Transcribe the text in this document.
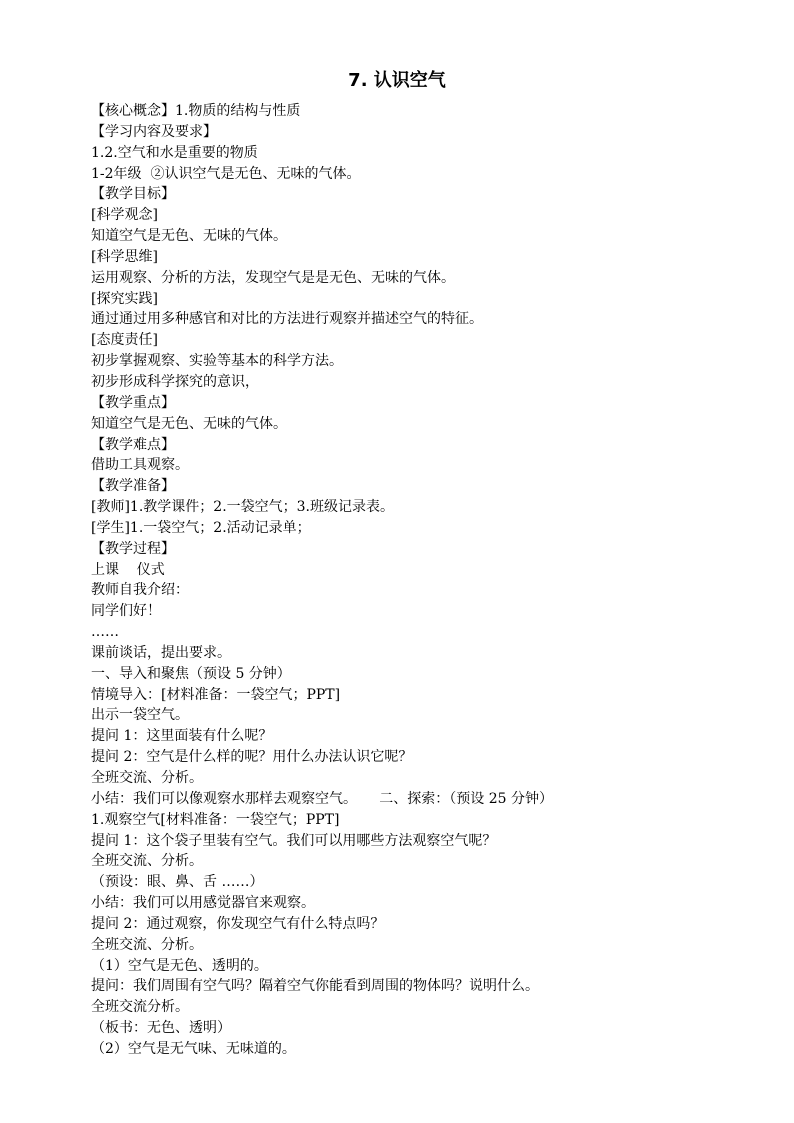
7. 认识空气
【核心概念】1.物质的结构与性质
【学习内容及要求】
1.2.空气和水是重要的物质
1-2年级  ②认识空气是无色、无味的气体。
【教学目标】
[科学观念]
知道空气是无色、无味的气体。
[科学思维]
运用观察、分析的方法，发现空气是是无色、无味的气体。
[探究实践]
通过通过用多种感官和对比的方法进行观察并描述空气的特征。
[态度责任]
初步掌握观察、实验等基本的科学方法。
初步形成科学探究的意识，
【教学重点】
知道空气是无色、无味的气体。
【教学难点】
借助工具观察。
【教学准备】
[教师]1.教学课件；2.一袋空气；3.班级记录表。
[学生]1.一袋空气；2.活动记录单；
【教学过程】
上课    仪式
教师自我介绍：
同学们好！
……
课前谈话，提出要求。
一、导入和聚焦（预设 5 分钟）
情境导入：[材料准备：一袋空气；PPT]
出示一袋空气。
提问 1：这里面装有什么呢？
提问 2：空气是什么样的呢？用什么办法认识它呢？
全班交流、分析。
小结：我们可以像观察水那样去观察空气。     二、探索：（预设 25 分钟）
1.观察空气[材料准备：一袋空气；PPT]
提问 1：这个袋子里装有空气。我们可以用哪些方法观察空气呢？
全班交流、分析。
（预设：眼、鼻、舌 ……）
小结：我们可以用感觉器官来观察。
提问 2：通过观察，你发现空气有什么特点吗？
全班交流、分析。
（1）空气是无色、透明的。
提问：我们周围有空气吗？隔着空气你能看到周围的物体吗？说明什么。
全班交流分析。
（板书：无色、透明）
（2）空气是无气味、无味道的。
